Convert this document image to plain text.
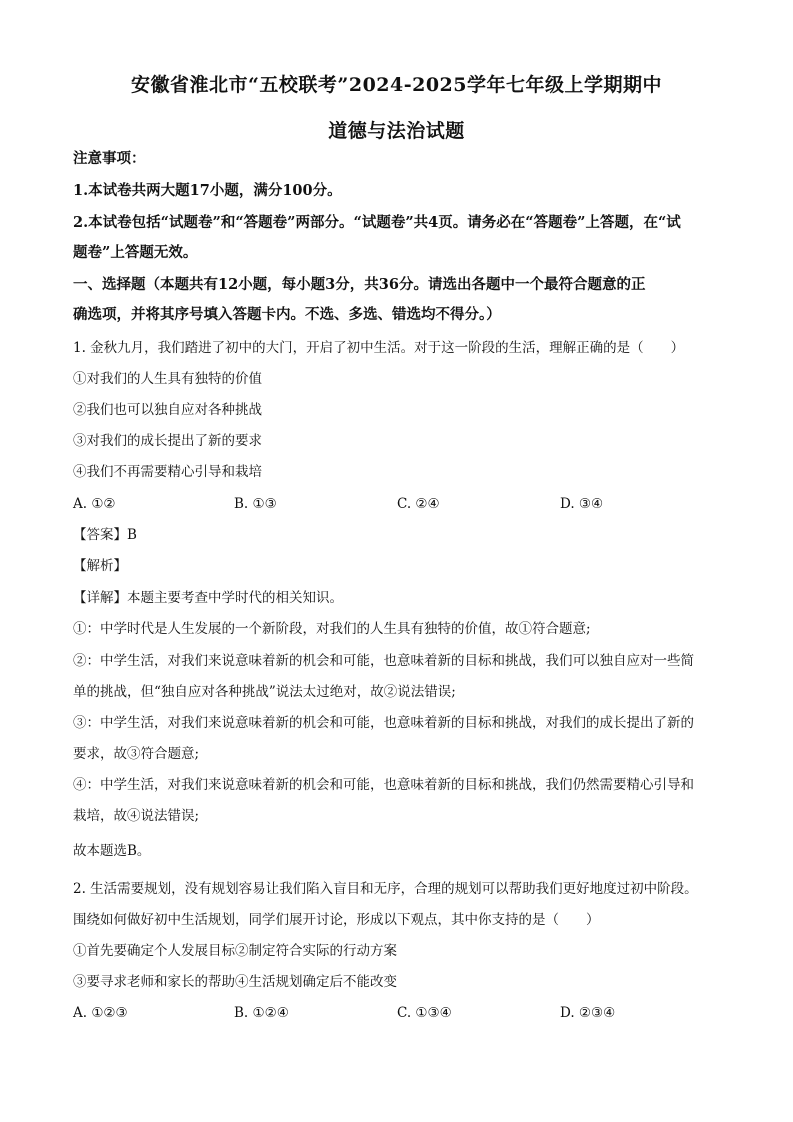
安徽省淮北市“五校联考”2024-2025学年七年级上学期期中
道德与法治试题
注意事项：
1.本试卷共两大题17小题，满分100分。
2.本试卷包括“试题卷”和“答题卷”两部分。“试题卷”共4页。请务必在“答题卷”上答题，在“试
题卷”上答题无效。
一、选择题（本题共有12小题，每小题3分，共36分。请选出各题中一个最符合题意的正
确选项，并将其序号填入答题卡内。不选、多选、错选均不得分。）
1. 金秋九月，我们踏进了初中的大门，开启了初中生活。对于这一阶段的生活，理解正确的是（　　）
①对我们的人生具有独特的价值
②我们也可以独自应对各种挑战
③对我们的成长提出了新的要求
④我们不再需要精心引导和栽培
A. ①②	B. ①③	C. ②④	D. ③④
【答案】B
【解析】
【详解】本题主要考查中学时代的相关知识。
①：中学时代是人生发展的一个新阶段，对我们的人生具有独特的价值，故①符合题意;
②：中学生活，对我们来说意味着新的机会和可能，也意味着新的目标和挑战，我们可以独自应对一些简
单的挑战，但“独自应对各种挑战”说法太过绝对，故②说法错误;
③：中学生活，对我们来说意味着新的机会和可能，也意味着新的目标和挑战，对我们的成长提出了新的
要求，故③符合题意;
④：中学生活，对我们来说意味着新的机会和可能，也意味着新的目标和挑战，我们仍然需要精心引导和
栽培，故④说法错误;
故本题选B。
2. 生活需要规划，没有规划容易让我们陷入盲目和无序，合理的规划可以帮助我们更好地度过初中阶段。
围绕如何做好初中生活规划，同学们展开讨论，形成以下观点，其中你支持的是（　　）
①首先要确定个人发展目标②制定符合实际的行动方案
③要寻求老师和家长的帮助④生活规划确定后不能改变
A. ①②③	B. ①②④	C. ①③④	D. ②③④
